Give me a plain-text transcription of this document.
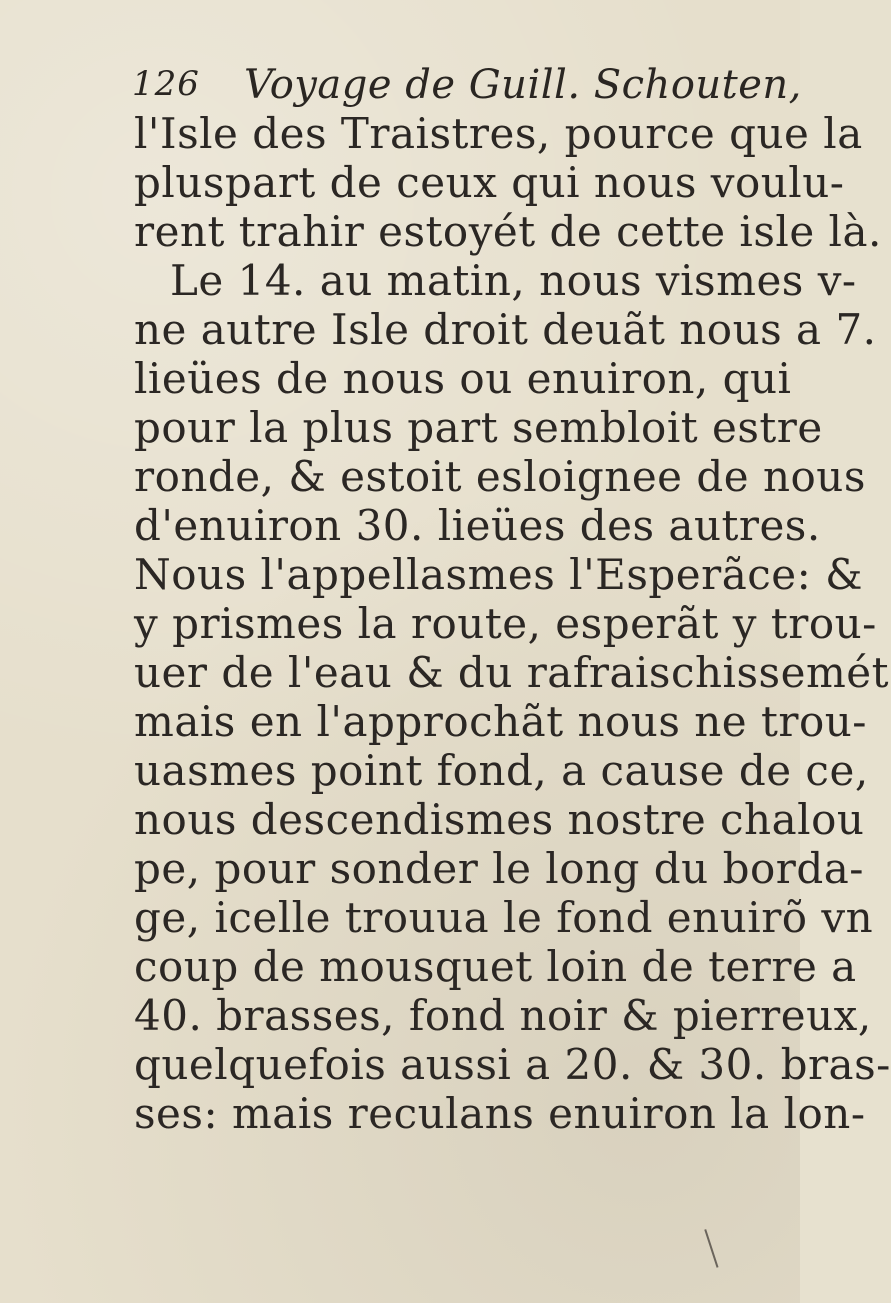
126 Voyage de Guill. Schouten,
l'Isle des Traistres, pource que la
pluspart de ceux qui nous voulu-
rent trahir estoyét de cette isle là.
Le 14. au matin, nous vismes v-
ne autre Isle droit deuãt nous a 7.
lieües de nous ou enuiron, qui
pour la plus part sembloit estre
ronde, & estoit esloignee de nous
d'enuiron 30. lieües des autres.
Nous l'appellasmes l'Esperãce: &
y prismes la route, esperãt y trou-
uer de l'eau & du rafraischissemét
mais en l'approchãt nous ne trou-
uasmes point fond, a cause de ce,
nous descendismes nostre chalou
pe, pour sonder le long du borda-
ge, icelle trouua le fond enuirõ vn
coup de mousquet loin de terre a
40. brasses, fond noir & pierreux,
quelquefois aussi a 20. & 30. bras-
ses: mais reculans enuiron la lon-
